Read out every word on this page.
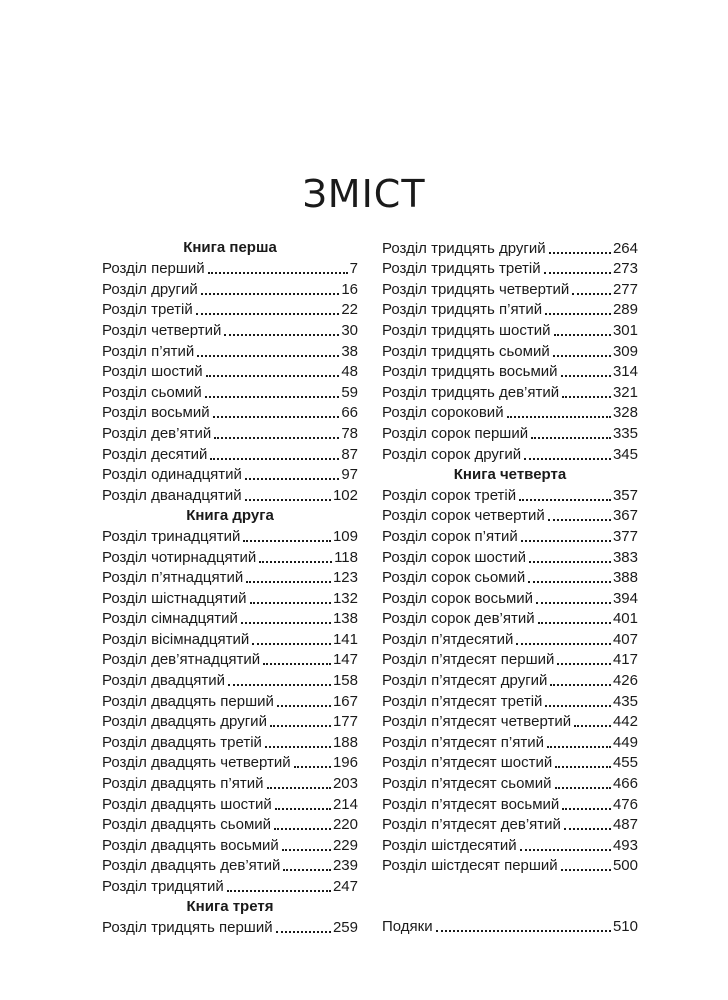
ЗМІСТ
Книга перша
Розділ перший	7
Розділ другий	16
Розділ третій	22
Розділ четвертий	30
Розділ п’ятий	38
Розділ шостий	48
Розділ сьомий	59
Розділ восьмий	66
Розділ дев’ятий	78
Розділ десятий	87
Розділ одинадцятий	97
Розділ дванадцятий	102
Книга друга
Розділ тринадцятий	109
Розділ чотирнадцятий	118
Розділ п’ятнадцятий	123
Розділ шістнадцятий	132
Розділ сімнадцятий	138
Розділ вісімнадцятий	141
Розділ дев’ятнадцятий	147
Розділ двадцятий	158
Розділ двадцять перший	167
Розділ двадцять другий	177
Розділ двадцять третій	188
Розділ двадцять четвертий	196
Розділ двадцять п’ятий	203
Розділ двадцять шостий	214
Розділ двадцять сьомий	220
Розділ двадцять восьмий	229
Розділ двадцять дев’ятий	239
Розділ тридцятий	247
Книга третя
Розділ тридцять перший	259
Розділ тридцять другий	264
Розділ тридцять третій	273
Розділ тридцять четвертий	277
Розділ тридцять п’ятий	289
Розділ тридцять шостий	301
Розділ тридцять сьомий	309
Розділ тридцять восьмий	314
Розділ тридцять дев’ятий	321
Розділ сороковий	328
Розділ сорок перший	335
Розділ сорок другий	345
Книга четверта
Розділ сорок третій	357
Розділ сорок четвертий	367
Розділ сорок п’ятий	377
Розділ сорок шостий	383
Розділ сорок сьомий	388
Розділ сорок восьмий	394
Розділ сорок дев’ятий	401
Розділ п’ятдесятий	407
Розділ п’ятдесят перший	417
Розділ п’ятдесят другий	426
Розділ п’ятдесят третій	435
Розділ п’ятдесят четвертий	442
Розділ п’ятдесят п’ятий	449
Розділ п’ятдесят шостий	455
Розділ п’ятдесят сьомий	466
Розділ п’ятдесят восьмий	476
Розділ п’ятдесят дев’ятий	487
Розділ шістдесятий	493
Розділ шістдесят перший	500
Подяки	510
